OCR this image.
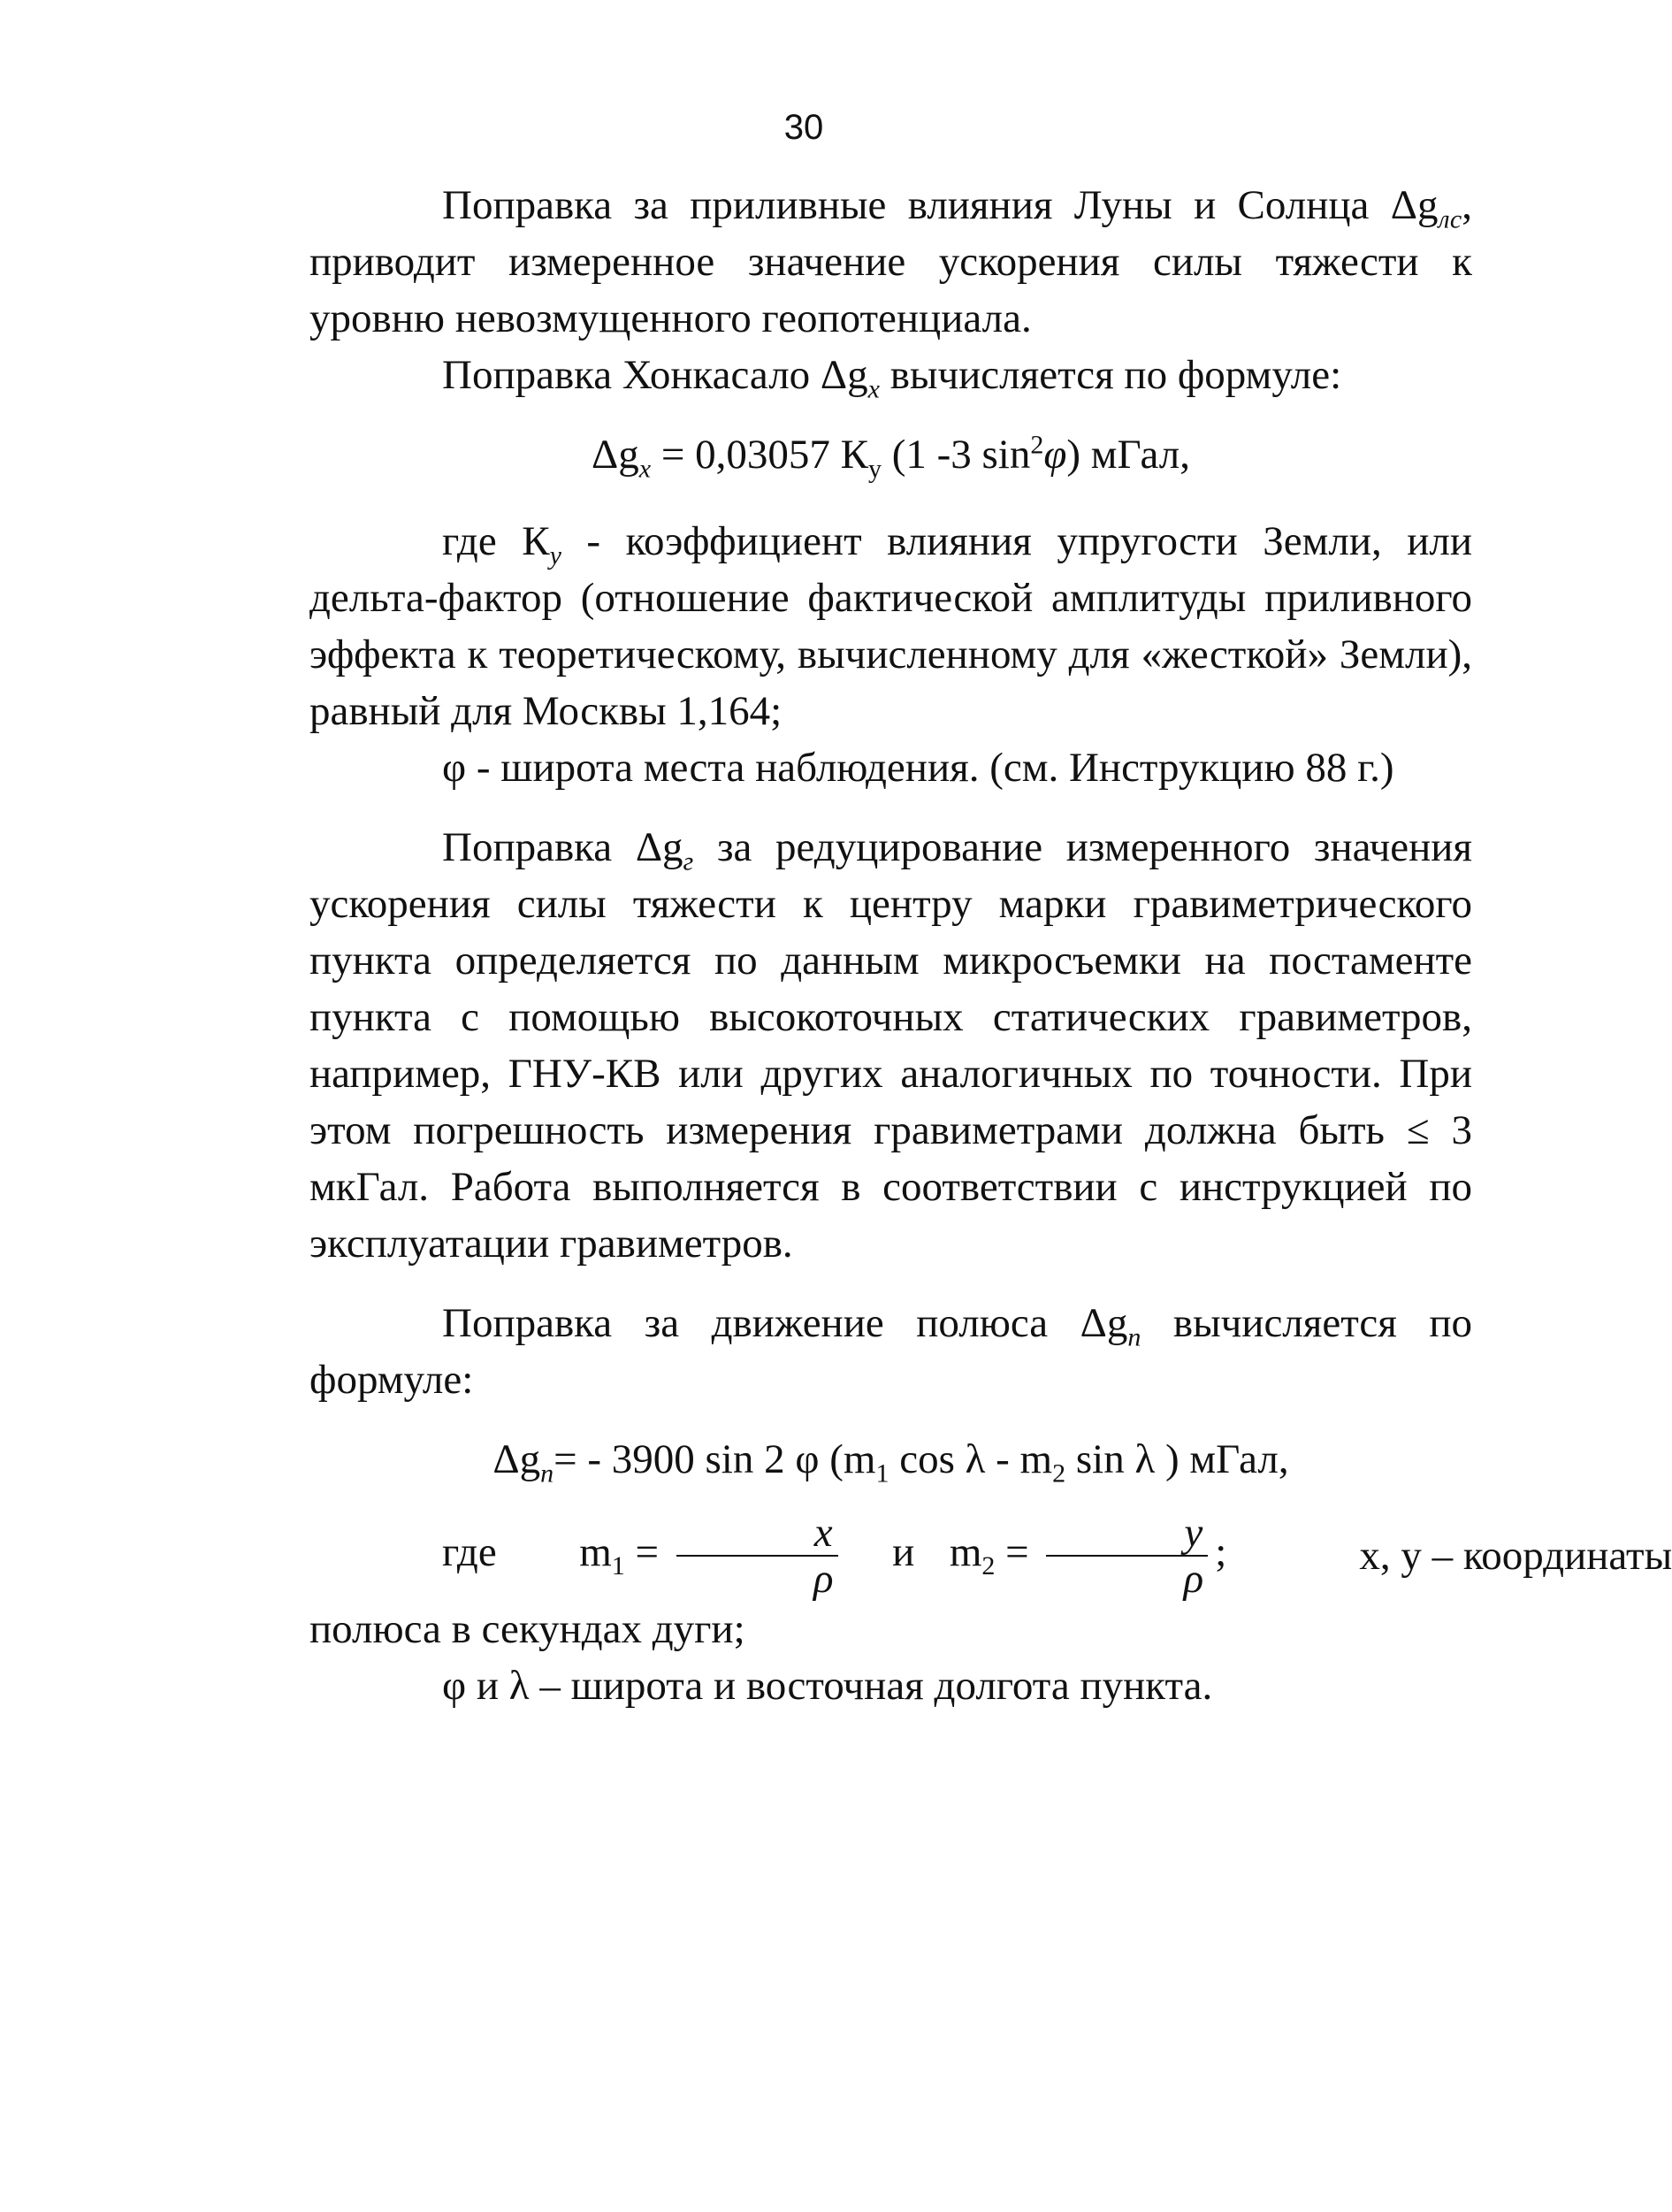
30

Поправка за приливные влияния Луны и Солнца $\Delta g_{лс}$, приводит измеренное значение ускорения силы тяжести к уровню невозмущенного геопотенциала.

Поправка Хонкасало $\Delta g_x$ вычисляется по формуле:

$\Delta g_x = 0,03057$ $К_у$ (1 -3 $\sin^2\varphi$) мГал,

где $К_y$ - коэффициент влияния упругости Земли, или дельта-фактор (отношение фактической амплитуды приливного эффекта к теоретическому, вычисленному для «жесткой» Земли), равный для Москвы 1,164;

φ - широта места наблюдения. (см. Инструкцию 88 г.)

Поправка $\Delta g_г$ за редуцирование измеренного значения ускорения силы тяжести к центру марки гравиметрического пункта определяется по данным микросъемки на постаменте пункта с помощью высокоточных статических гравиметров, например, ГНУ-КВ или других аналогичных по точности. При этом погрешность измерения гравиметрами должна быть ≤ 3 мкГал. Работа выполняется в соответствии с инструкцией по эксплуатации гравиметров.

Поправка за движение полюса $\Delta g_п$ вычисляется по формуле:

$\Delta g_п= - 3900$ sin 2 φ ($m_1$ cos λ - $m_2$ sin λ ) мГал,
где $m_1 = \frac{x}{\rho}$ и $m_2 = \frac{y}{\rho}$ ;	x, y – координаты

полюса в секундах дуги;

φ и λ – широта и восточная долгота пункта.
